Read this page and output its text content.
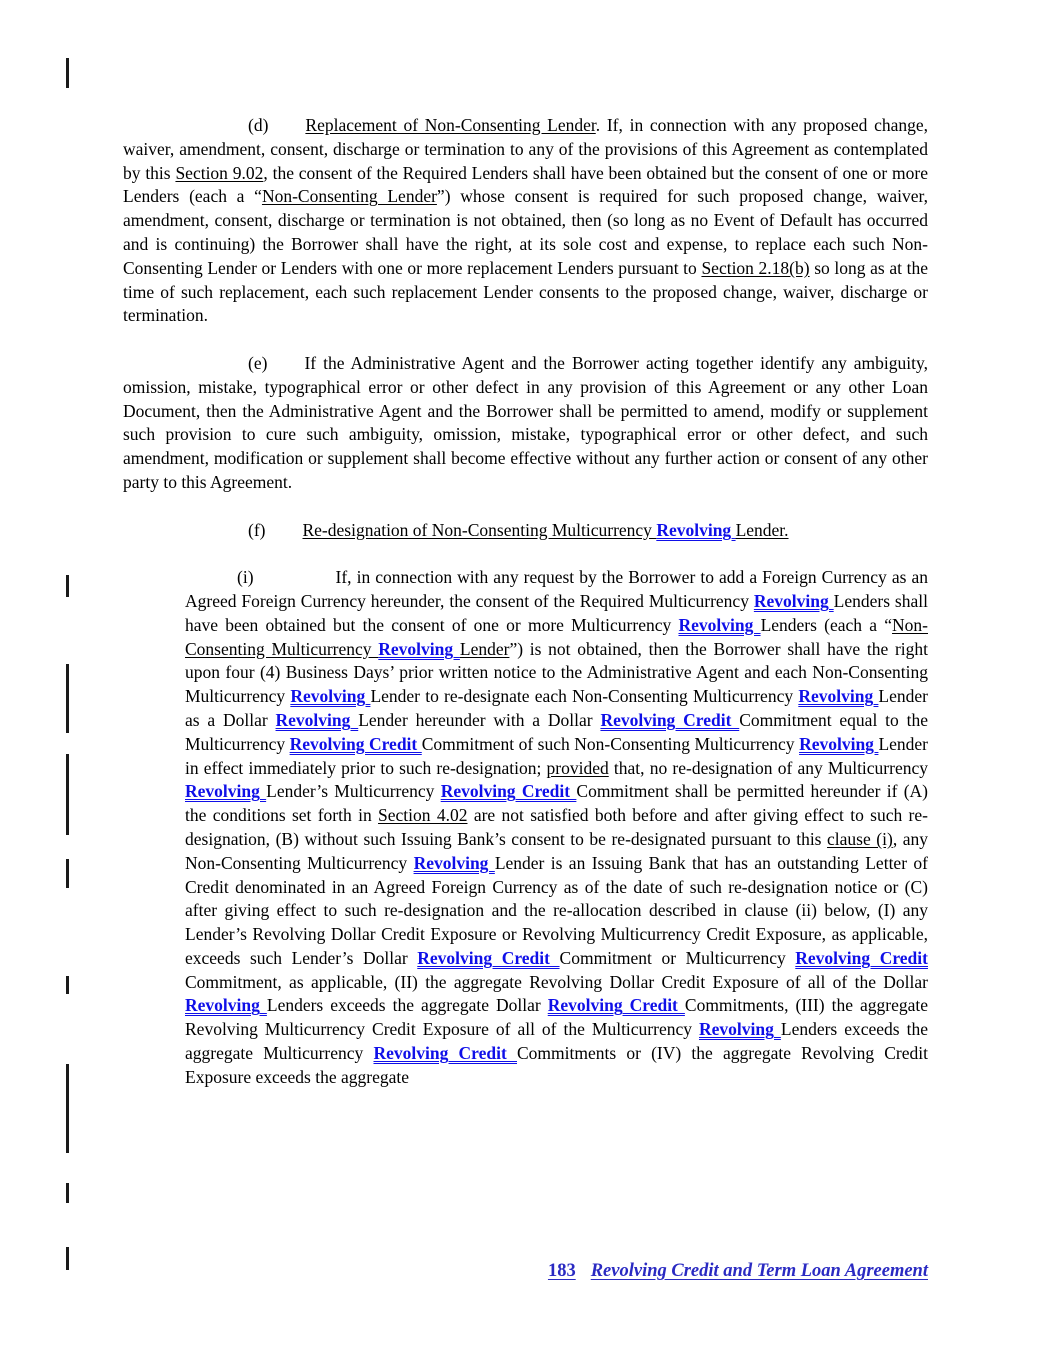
(d) Replacement of Non-Consenting Lender. If, in connection with any proposed change, waiver, amendment, consent, discharge or termination to any of the provisions of this Agreement as contemplated by this Section 9.02, the consent of the Required Lenders shall have been obtained but the consent of one or more Lenders (each a “Non-Consenting Lender”) whose consent is required for such proposed change, waiver, amendment, consent, discharge or termination is not obtained, then (so long as no Event of Default has occurred and is continuing) the Borrower shall have the right, at its sole cost and expense, to replace each such Non-Consenting Lender or Lenders with one or more replacement Lenders pursuant to Section 2.18(b) so long as at the time of such replacement, each such replacement Lender consents to the proposed change, waiver, discharge or termination.

(e) If the Administrative Agent and the Borrower acting together identify any ambiguity, omission, mistake, typographical error or other defect in any provision of this Agreement or any other Loan Document, then the Administrative Agent and the Borrower shall be permitted to amend, modify or supplement such provision to cure such ambiguity, omission, mistake, typographical error or other defect, and such amendment, modification or supplement shall become effective without any further action or consent of any other party to this Agreement.

(f) Re-designation of Non-Consenting Multicurrency Revolving Lender.

(i)	If, in connection with any request by the Borrower to add a Foreign Currency as an Agreed Foreign Currency hereunder, the consent of the Required Multicurrency Revolving Lenders shall have been obtained but the consent of one or more Multicurrency Revolving Lenders (each a “Non-Consenting Multicurrency Revolving Lender”) is not obtained, then the Borrower shall have the right upon four (4) Business Days’ prior written notice to the Administrative Agent and each Non-Consenting Multicurrency Revolving Lender to re-designate each Non-Consenting Multicurrency Revolving Lender as a Dollar Revolving Lender hereunder with a Dollar Revolving Credit Commitment equal to the Multicurrency Revolving Credit Commitment of such Non-Consenting Multicurrency Revolving Lender in effect immediately prior to such re-designation; provided that, no re-designation of any Multicurrency Revolving Lender’s Multicurrency Revolving Credit Commitment shall be permitted hereunder if (A) the conditions set forth in Section 4.02 are not satisfied both before and after giving effect to such re-designation, (B) without such Issuing Bank’s consent to be re-designated pursuant to this clause (i), any Non-Consenting Multicurrency Revolving Lender is an Issuing Bank that has an outstanding Letter of Credit denominated in an Agreed Foreign Currency as of the date of such re-designation notice or (C) after giving effect to such re-designation and the re-allocation described in clause (ii) below, (I) any Lender’s Revolving Dollar Credit Exposure or Revolving Multicurrency Credit Exposure, as applicable, exceeds such Lender’s Dollar Revolving Credit Commitment or Multicurrency Revolving Credit Commitment, as applicable, (II) the aggregate Revolving Dollar Credit Exposure of all of the Dollar Revolving Lenders exceeds the aggregate Dollar Revolving Credit Commitments, (III) the aggregate Revolving Multicurrency Credit Exposure of all of the Multicurrency Revolving Lenders exceeds the aggregate Multicurrency Revolving Credit Commitments or (IV) the aggregate Revolving Credit Exposure exceeds the aggregate

183 Revolving Credit and Term Loan Agreement
